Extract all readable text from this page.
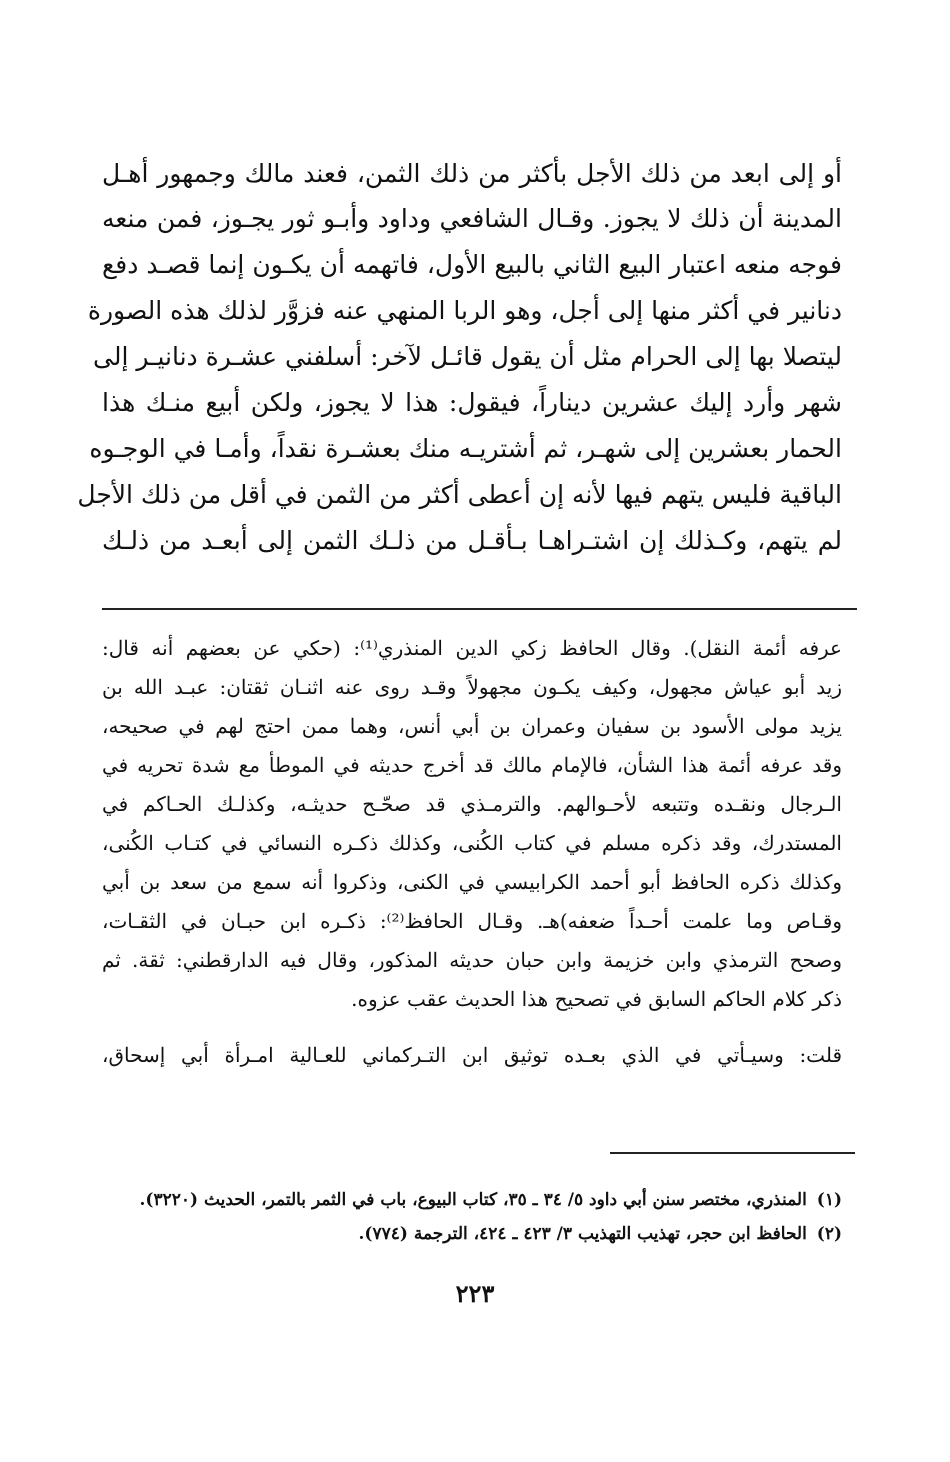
أو إلى ابعد من ذلك الأجل بأكثر من ذلك الثمن، فعند مالك وجمهور أهـل
المدينة أن ذلك لا يجوز. وقـال الشافعي وداود وأبـو ثور يجـوز، فمن منعه
فوجه منعه اعتبار البيع الثاني بالبيع الأول، فاتهمه أن يكـون إنما قصـد دفع
دنانير في أكثر منها إلى أجل، وهو الربا المنهي عنه فزوَّر لذلك هذه الصورة
ليتصلا بها إلى الحرام مثل أن يقول قائـل لآخر: أسلفني عشـرة دنانيـر إلى
شهر وأرد إليك عشرين ديناراً، فيقول: هذا لا يجوز، ولكن أبيع منـك هذا
الحمار بعشرين إلى شهـر، ثم أشتريـه منك بعشـرة نقداً، وأمـا في الوجـوه
الباقية فليس يتهم فيها لأنه إن أعطى أكثر من الثمن في أقل من ذلك الأجل
لم يتهم، وكـذلك إن اشتـراهـا بـأقـل من ذلـك الثمن إلى أبعـد من ذلـك
عرفه أئمة النقل). وقال الحافظ زكي الدين المنذري⁽¹⁾: (حكي عن بعضهم أنه قال:
زيد أبو عياش مجهول، وكيف يكـون مجهولاً وقـد روى عنه اثنـان ثقتان: عبـد الله بن
يزيد مولى الأسود بن سفيان وعمران بن أبي أنس، وهما ممن احتج لهم في صحيحه،
وقد عرفه أئمة هذا الشأن، فالإمام مالك قد أخرج حديثه في الموطأ مع شدة تحريه في
الـرجال ونقـده وتتبعه لأحـوالهم. والترمـذي قد صحّـح حديثـه، وكذلـك الحـاكم في
المستدرك، وقد ذكره مسلم في كتاب الكُنى، وكذلك ذكـره النسائي في كتـاب الكُنى،
وكذلك ذكره الحافظ أبو أحمد الكرابيسي في الكنى، وذكروا أنه سمع من سعد بن أبي
وقـاص وما علمت أحـداً ضعفه)هـ. وقـال الحافظ⁽²⁾: ذكـره ابن حبـان في الثقـات،
وصحح الترمذي وابن خزيمة وابن حبان حديثه المذكور، وقال فيه الدارقطني: ثقة. ثم
ذكر كلام الحاكم السابق في تصحيح هذا الحديث عقب عزوه.
قلت: وسيـأتي في الذي بعـده توثيق ابن التـركماني للعـالية امـرأة أبي إسحاق،
(١) المنذري، مختصر سنن أبي داود ٥/ ٣٤ ـ ٣٥، كتاب البيوع، باب في الثمر بالتمر، الحديث (٣٢٢٠).
(٢) الحافظ ابن حجر، تهذيب التهذيب ٣/ ٤٢٣ ـ ٤٢٤، الترجمة (٧٧٤).
٢٢٣
